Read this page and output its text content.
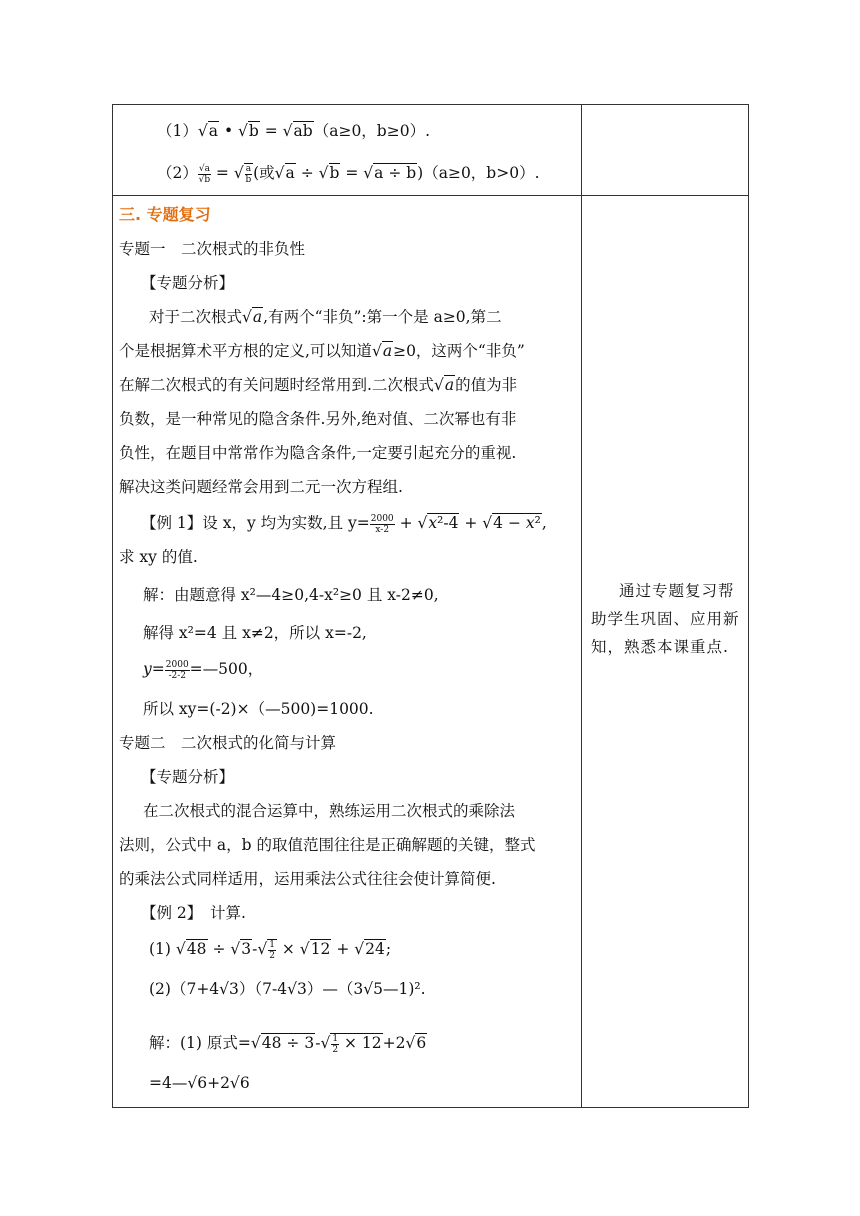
（1）√a • √b = √ab（a≥0，b≥0）.
$(2) \frac{√a}{√b}$ = √ $\frac{a}{b}$ (或√a ÷ √b = √a ÷ b)（a≥0，b>0）.
三. 专题复习
专题一　二次根式的非负性
【专题分析】
对于二次根式√a,有两个“非负”:第一个是 a≥0,第二
个是根据算术平方根的定义,可以知道√a≥0，这两个“非负”
在解二次根式的有关问题时经常用到.二次根式√a的值为非
负数，是一种常见的隐含条件.另外,绝对值、二次幂也有非
负性，在题目中常常作为隐含条件,一定要引起充分的重视.
解决这类问题经常会用到二元一次方程组.
【例 1】设 x，y 均为实数,且 $y= \frac{2000}{x-2} + √x^2-4 + √4 - x^2$,
求 xy 的值.
解：由题意得 x²—4≥0,4-x²≥0 且 x-2≠0,
解得 x²=4 且 x≠2，所以 x=-2,
$y= \frac{2000}{-2-2}$ =—500，
所以 xy=(-2)×（—500)=1000.
专题二　二次根式的化简与计算
【专题分析】
在二次根式的混合运算中，熟练运用二次根式的乘除法
法则，公式中 a，b 的取值范围往往是正确解题的关键，整式
的乘法公式同样适用，运用乘法公式往往会使计算简便.
【例 2】　计算.
(1) $√48 \div √3-√ \frac{1}{2} \times √12 + √24$;
(2)（7+4√3）（7-4√3）—（3√5—1)².
解：(1) 原式$=√48 \div 3-√ \frac{1}{2} \times 12+2√6$
=4—√6+2√6
通过专题复习帮助学生巩固、应用新知，熟悉本课重点.
